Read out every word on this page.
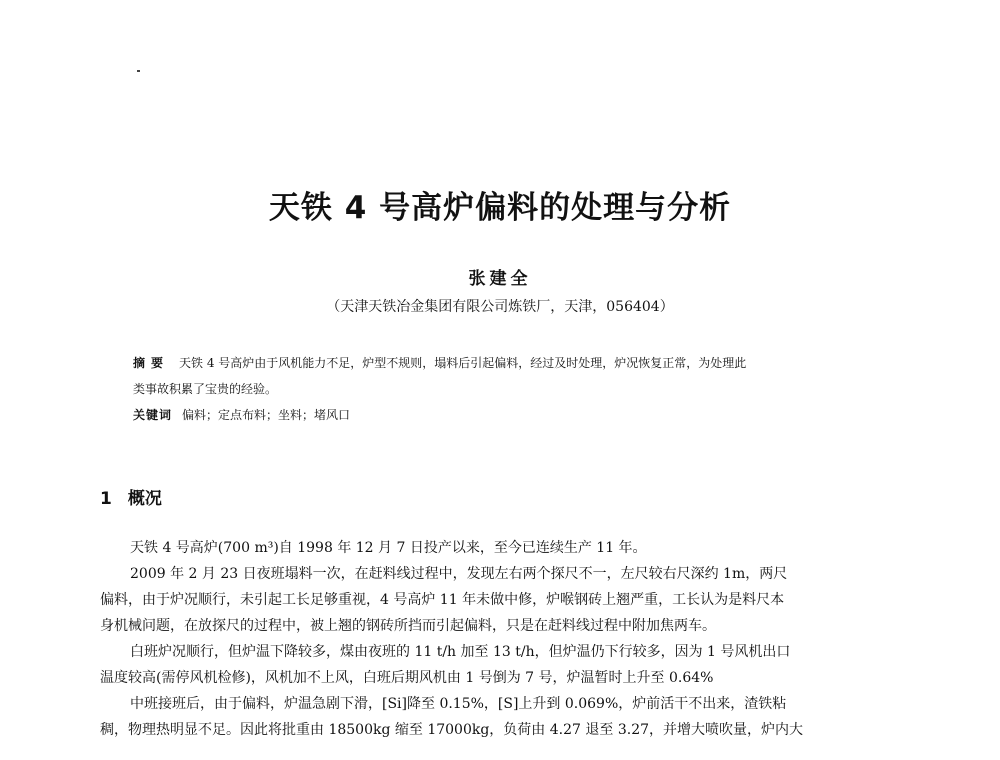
天铁 4 号高炉偏料的处理与分析
张建全
（天津天铁冶金集团有限公司炼铁厂，天津，056404）
摘要 天铁 4 号高炉由于风机能力不足，炉型不规则，塌料后引起偏料，经过及时处理，炉况恢复正常，为处理此
类事故积累了宝贵的经验。
关键词 偏料；定点布料；坐料；堵风口
1 概况
天铁 4 号高炉(700 m³)自 1998 年 12 月 7 日投产以来，至今已连续生产 11 年。
2009 年 2 月 23 日夜班塌料一次，在赶料线过程中，发现左右两个探尺不一，左尺较右尺深约 1m，两尺
偏料，由于炉况顺行，未引起工长足够重视，4 号高炉 11 年未做中修，炉喉钢砖上翘严重，工长认为是料尺本
身机械问题，在放探尺的过程中，被上翘的钢砖所挡而引起偏料，只是在赶料线过程中附加焦两车。
白班炉况顺行，但炉温下降较多，煤由夜班的 11 t/h 加至 13 t/h，但炉温仍下行较多，因为 1 号风机出口
温度较高(需停风机检修)，风机加不上风，白班后期风机由 1 号倒为 7 号，炉温暂时上升至 0.64%
中班接班后，由于偏料，炉温急剧下滑，[Si]降至 0.15%，[S]上升到 0.069%，炉前活干不出来，渣铁粘
稠，物理热明显不足。因此将批重由 18500kg 缩至 17000kg，负荷由 4.27 退至 3.27，并增大喷吹量，炉内大
